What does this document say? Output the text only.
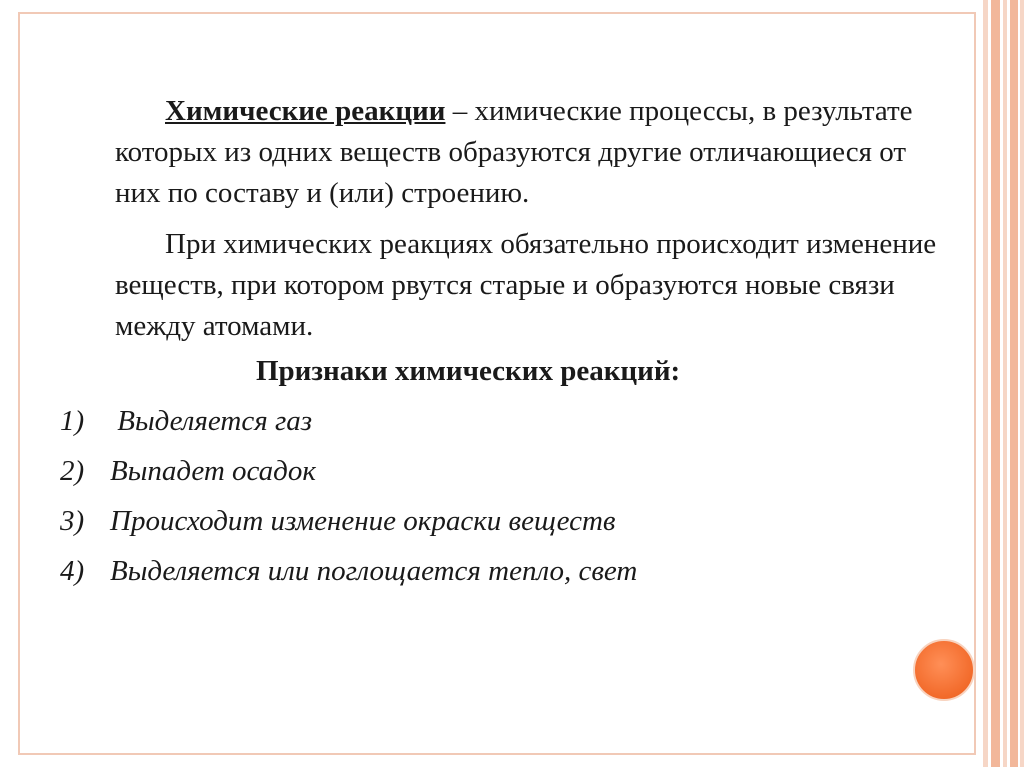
Химические реакции – химические процессы, в результате которых из одних веществ образуются другие отличающиеся от них по составу и (или) строению.
При химических реакциях обязательно происходит изменение веществ, при котором рвутся старые и образуются новые связи между атомами.
Признаки химических реакций:
1) Выделяется газ
2) Выпадет осадок
3) Происходит изменение окраски веществ
4) Выделяется или поглощается тепло, свет
